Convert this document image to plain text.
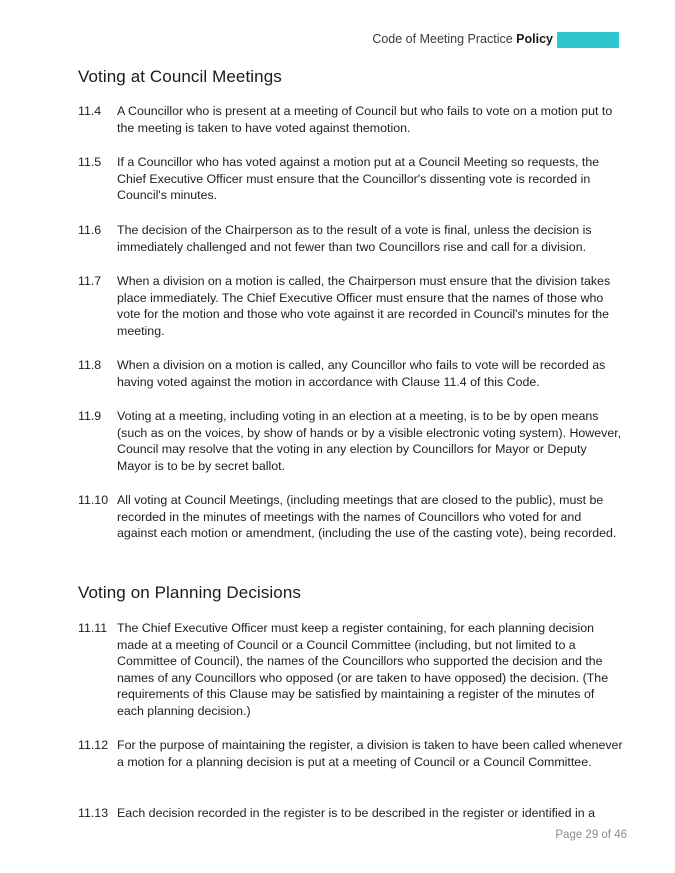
Code of Meeting Practice Policy
Voting at Council Meetings
11.4	A Councillor who is present at a meeting of Council but who fails to vote on a motion put to the meeting is taken to have voted against themotion.
11.5	If a Councillor who has voted against a motion put at a Council Meeting so requests, the Chief Executive Officer must ensure that the Councillor's dissenting vote is recorded in Council's minutes.
11.6	The decision of the Chairperson as to the result of a vote is final, unless the decision is immediately challenged and not fewer than two Councillors rise and call for a division.
11.7	When a division on a motion is called, the Chairperson must ensure that the division takes place immediately. The Chief Executive Officer must ensure that the names of those who vote for the motion and those who vote against it are recorded in Council's minutes for the meeting.
11.8	When a division on a motion is called, any Councillor who fails to vote will be recorded as having voted against the motion in accordance with Clause 11.4 of this Code.
11.9	Voting at a meeting, including voting in an election at a meeting, is to be by open means (such as on the voices, by show of hands or by a visible electronic voting system). However, Council may resolve that the voting in any election by Councillors for Mayor or Deputy Mayor is to be by secret ballot.
11.10 All voting at Council Meetings, (including meetings that are closed to the public), must be recorded in the minutes of meetings with the names of Councillors who voted for and against each motion or amendment, (including the use of the casting vote), being recorded.
Voting on Planning Decisions
11.11 The Chief Executive Officer must keep a register containing, for each planning decision made at a meeting of Council or a Council Committee (including, but not limited to a Committee of Council), the names of the Councillors who supported the decision and the names of any Councillors who opposed (or are taken to have opposed) the decision. (The requirements of this Clause may be satisfied by maintaining a register of the minutes of each planning decision.)
11.12 For the purpose of maintaining the register, a division is taken to have been called whenever a motion for a planning decision is put at a meeting of Council or a Council Committee.
11.13 Each decision recorded in the register is to be described in the register or identified in a
Page 29 of 46
